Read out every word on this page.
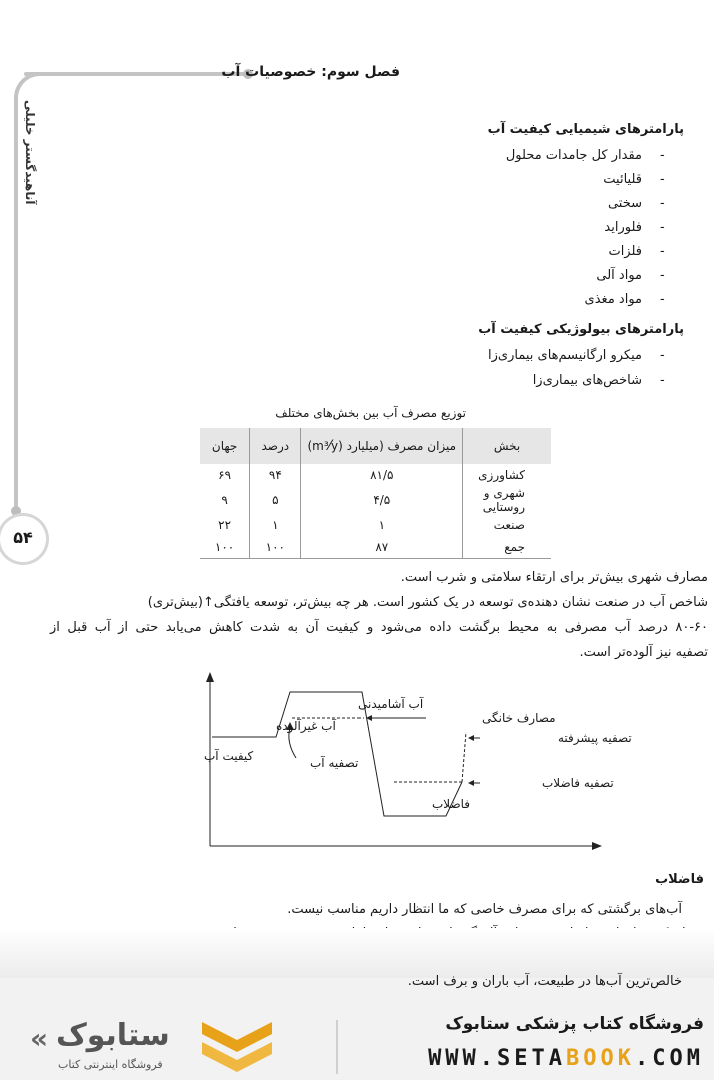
آناهیدگستر خلیلی
۵۴
فصل سوم: خصوصیات آب
پارامترهای شیمیایی کیفیت آب
-مقدار کل جامدات محلول
-قلیائیت
-سختی
-فلوراید
-فلزات
-مواد آلی
-مواد مغذی
پارامترهای بیولوژیکی کیفیت آب
-میکرو ارگانیسم‌های بیماری‌زا
-شاخص‌های بیماری‌زا
توزیع مصرف آب بین بخش‌های مختلف
بخش	میزان مصرف (میلیارد (m³⁄y)	درصد	جهان
کشاورزی	۸۱/۵	۹۴	۶۹
شهری و روستایی	۴/۵	۵	۹
صنعت	۱	۱	۲۲
جمع	۸۷	۱۰۰	۱۰۰
مصارف شهری بیش‌تر برای ارتقاء سلامتی و شرب است.
شاخص آب در صنعت نشان دهنده‌ی توسعه در یک کشور است. هر چه بیش‌تر، توسعه یافتگی↑(بیش‌تری)
۸۰-۶۰ درصد آب مصرفی به محیط برگشت داده می‌شود و کیفیت آن به شدت کاهش می‌یابد حتی از آب قبل از
تصفیه نیز آلوده‌تر است.
کیفیت آب
آب آشامیدنی
آب غیرآلوده
تصفیه آب
مصارف خانگی
تصفیه پیشرفته
تصفیه فاضلاب
فاضلاب
فاضلاب
آب‌های برگشتی که برای مصرف خاصی که ما انتظار داریم مناسب نیست.
خالص‌ترین آب‌ها در طبیعت، آب باران و برف است.
فروشگاه کتاب پزشکی ستابوک
WWW.SETABOOK.COM
« ستابوک
فروشگاه اینترنتی کتاب
